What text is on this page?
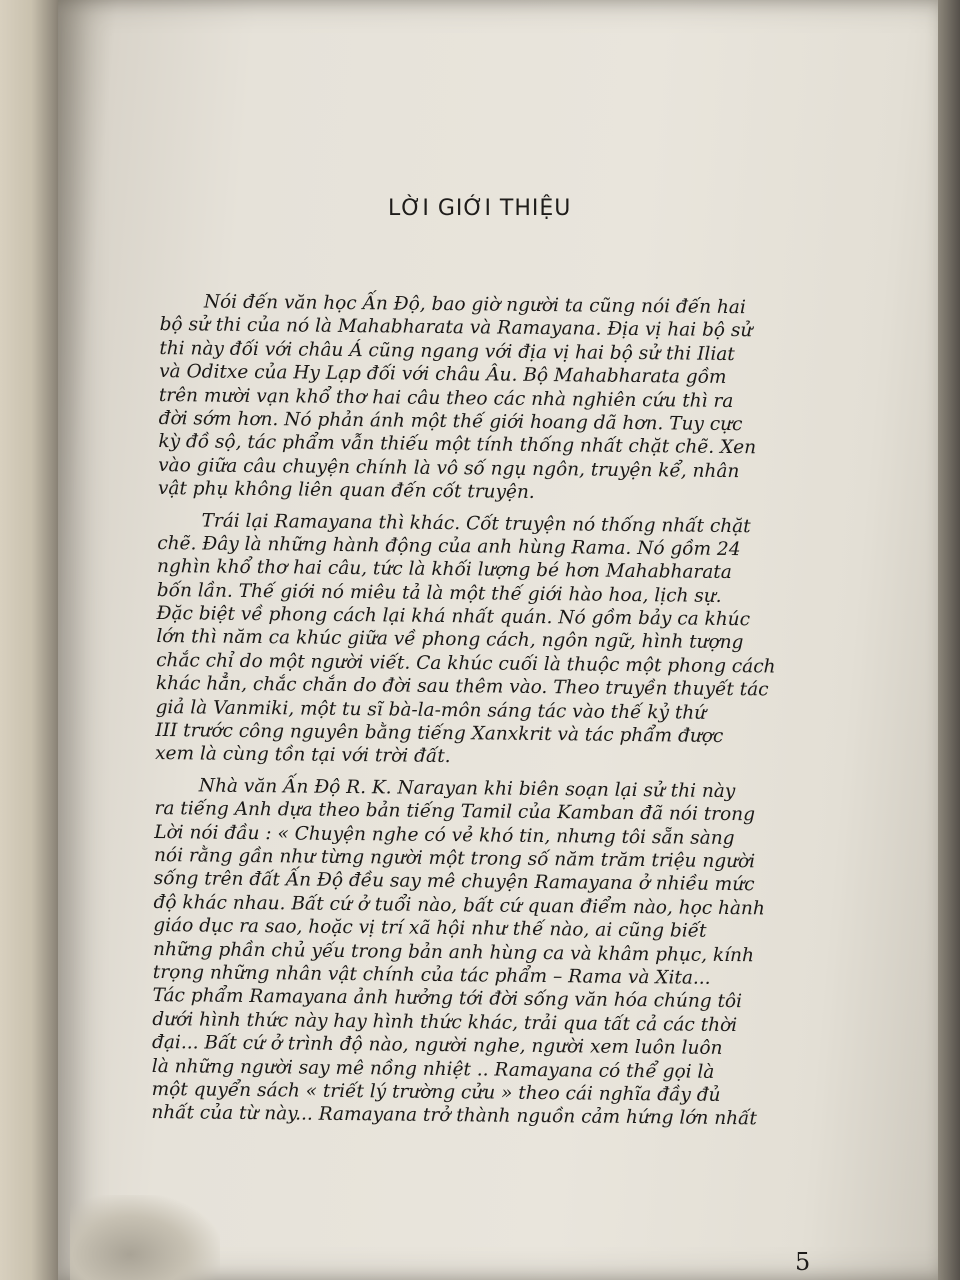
LỜI GIỚI THIỆU
Nói đến văn học Ấn Độ, bao giờ người ta cũng nói đến hai
bộ sử thi của nó là Mahabharata và Ramayana. Địa vị hai bộ sử
thi này đối với châu Á cũng ngang với địa vị hai bộ sử thi Iliat
và Oditxe của Hy Lạp đối với châu Âu. Bộ Mahabharata gồm
trên mười vạn khổ thơ hai câu theo các nhà nghiên cứu thì ra
đời sớm hơn. Nó phản ánh một thế giới hoang dã hơn. Tuy cực
kỳ đồ sộ, tác phẩm vẫn thiếu một tính thống nhất chặt chẽ. Xen
vào giữa câu chuyện chính là vô số ngụ ngôn, truyện kể, nhân
vật phụ không liên quan đến cốt truyện.
Trái lại Ramayana thì khác. Cốt truyện nó thống nhất chặt
chẽ. Đây là những hành động của anh hùng Rama. Nó gồm 24
nghìn khổ thơ hai câu, tức là khối lượng bé hơn Mahabharata
bốn lần. Thế giới nó miêu tả là một thế giới hào hoa, lịch sự.
Đặc biệt về phong cách lại khá nhất quán. Nó gồm bảy ca khúc
lớn thì năm ca khúc giữa về phong cách, ngôn ngữ, hình tượng
chắc chỉ do một người viết. Ca khúc cuối là thuộc một phong cách
khác hẳn, chắc chắn do đời sau thêm vào. Theo truyền thuyết tác
giả là Vanmiki, một tu sĩ bà-la-môn sáng tác vào thế kỷ thứ
III trước công nguyên bằng tiếng Xanxkrit và tác phẩm được
xem là cùng tồn tại với trời đất.
Nhà văn Ấn Độ R. K. Narayan khi biên soạn lại sử thi này
ra tiếng Anh dựa theo bản tiếng Tamil của Kamban đã nói trong
Lời nói đầu : « Chuyện nghe có vẻ khó tin, nhưng tôi sẵn sàng
nói rằng gần như từng người một trong số năm trăm triệu người
sống trên đất Ấn Độ đều say mê chuyện Ramayana ở nhiều mức
độ khác nhau. Bất cứ ở tuổi nào, bất cứ quan điểm nào, học hành
giáo dục ra sao, hoặc vị trí xã hội như thế nào, ai cũng biết
những phần chủ yếu trong bản anh hùng ca và khâm phục, kính
trọng những nhân vật chính của tác phẩm – Rama và Xita...
Tác phẩm Ramayana ảnh hưởng tới đời sống văn hóa chúng tôi
dưới hình thức này hay hình thức khác, trải qua tất cả các thời
đại... Bất cứ ở trình độ nào, người nghe, người xem luôn luôn
là những người say mê nồng nhiệt .. Ramayana có thể gọi là
một quyển sách « triết lý trường cửu » theo cái nghĩa đầy đủ
nhất của từ này... Ramayana trở thành nguồn cảm hứng lớn nhất
5
